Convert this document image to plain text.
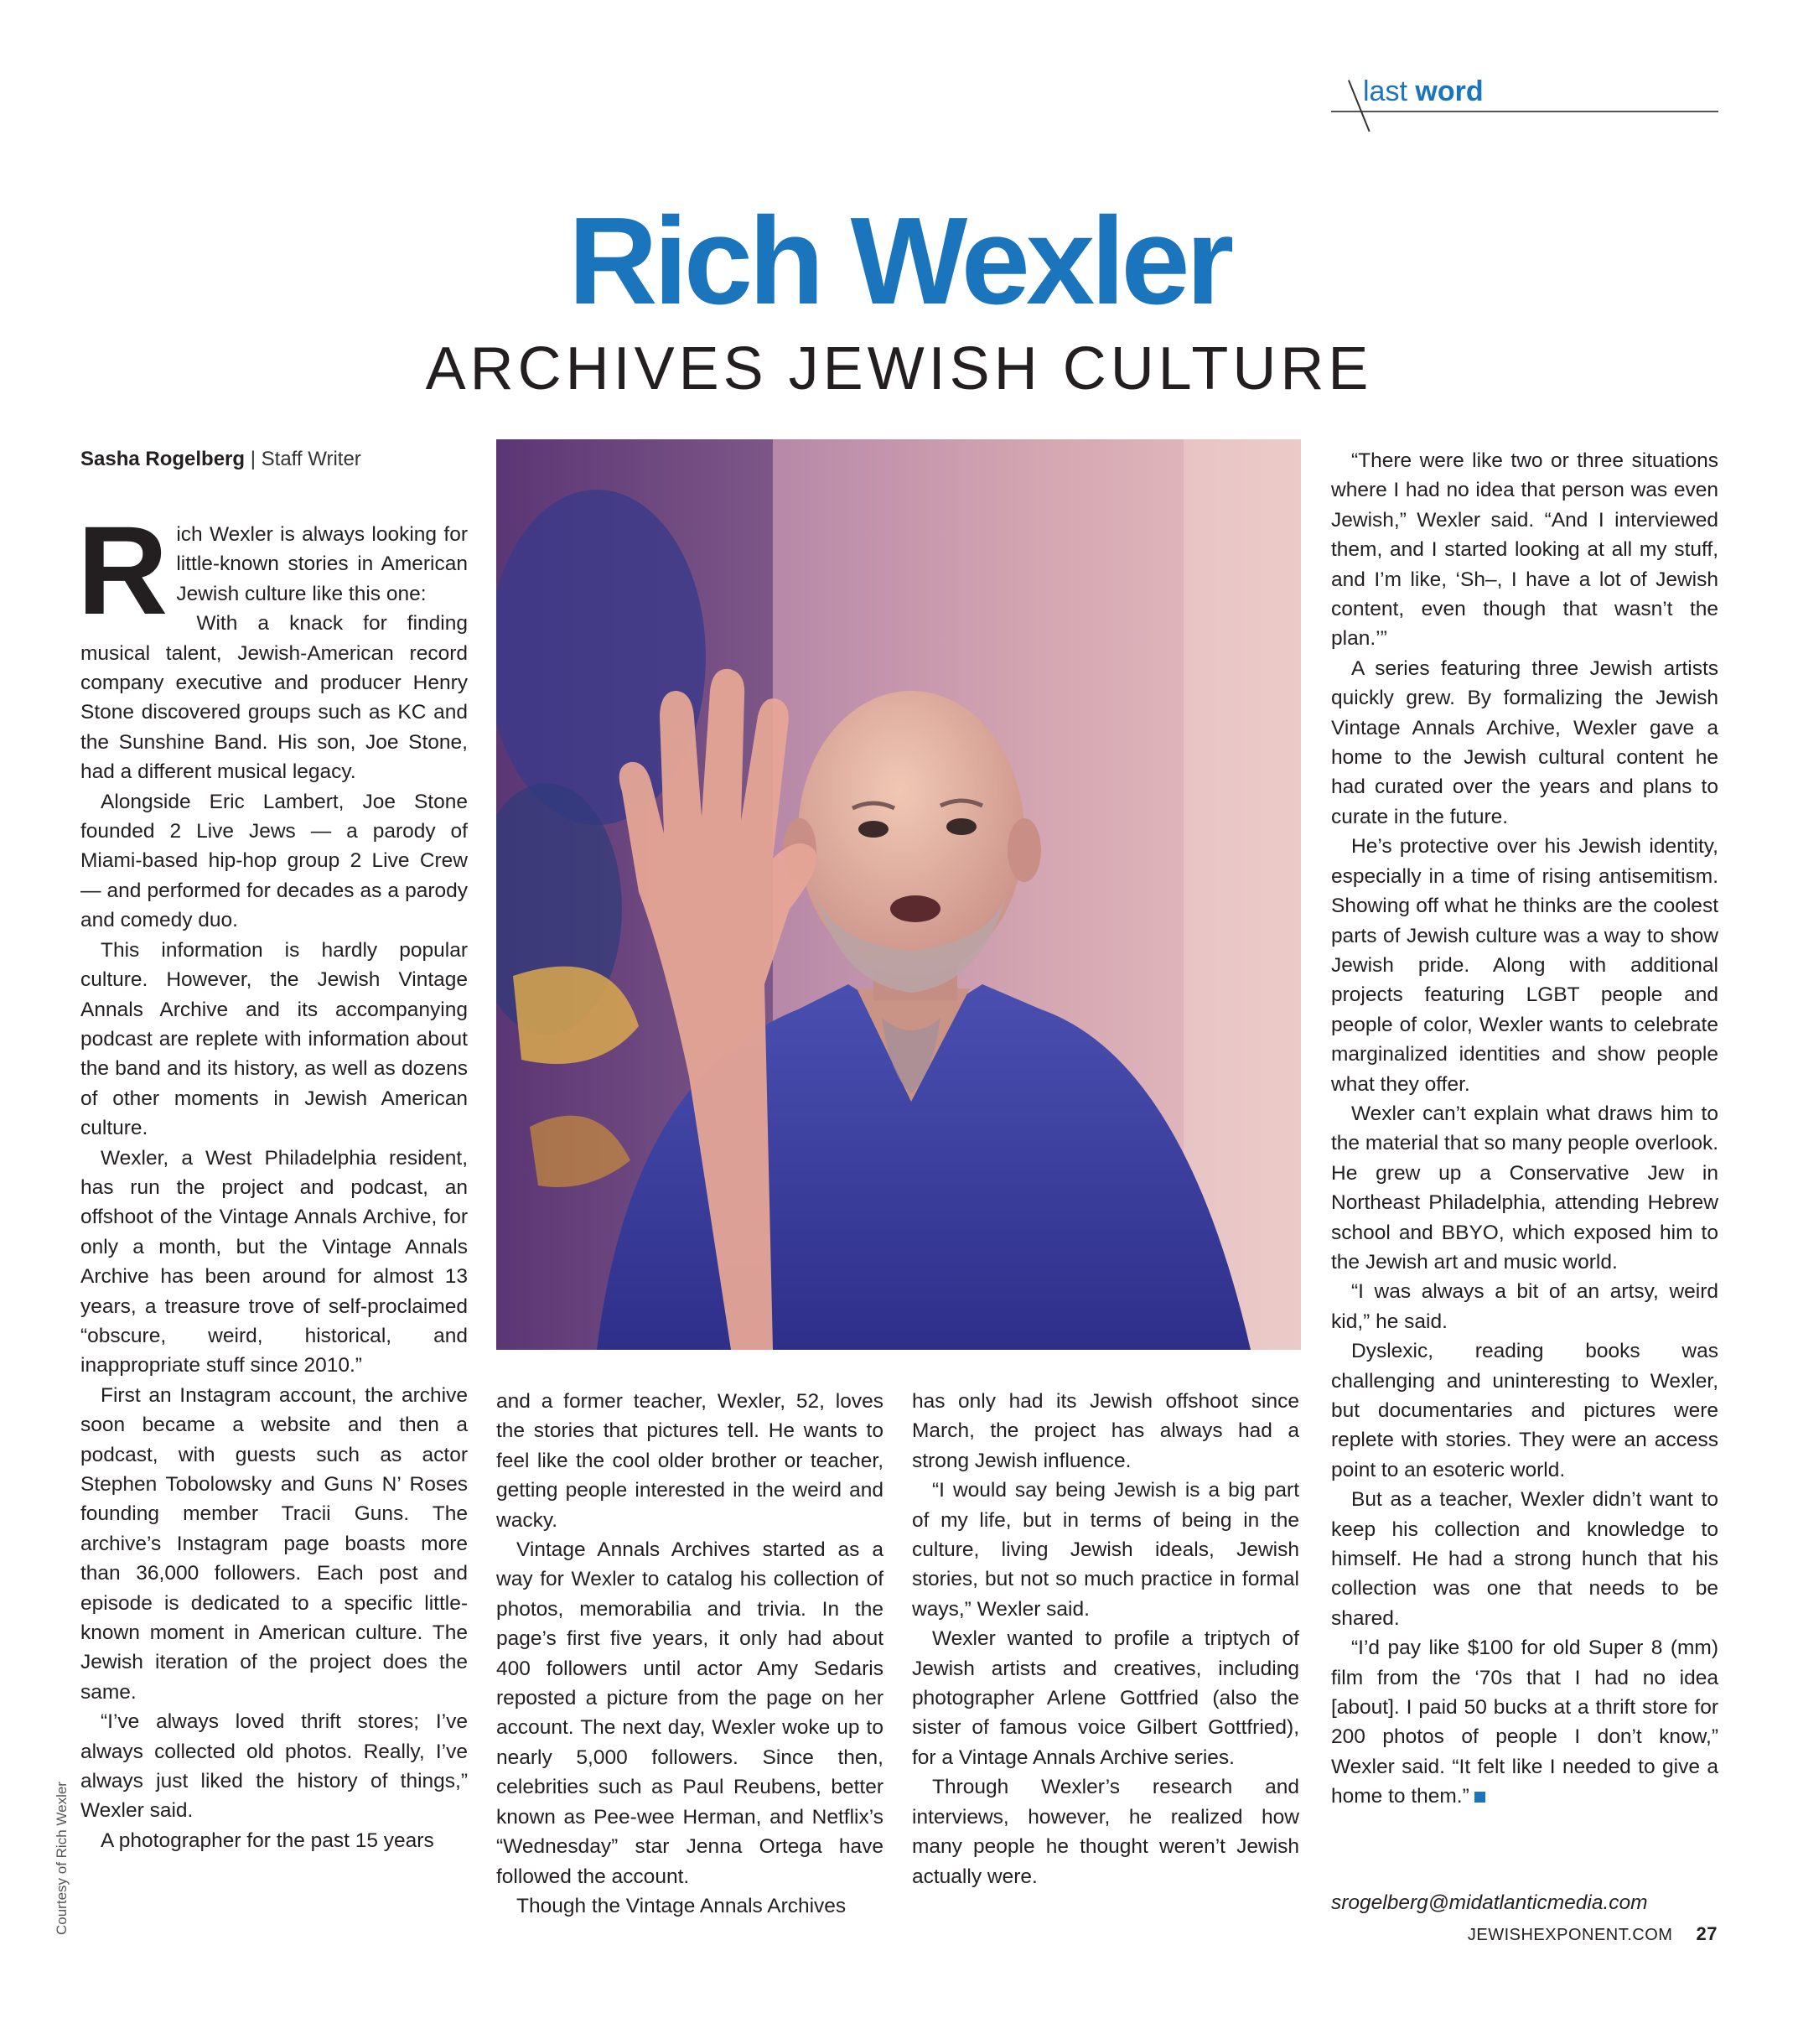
last word
Rich Wexler
ARCHIVES JEWISH CULTURE
Sasha Rogelberg | Staff Writer

Rich Wexler is always looking for little-known stories in American Jewish culture like this one:

With a knack for finding musical talent, Jewish-American record company executive and producer Henry Stone discovered groups such as KC and the Sunshine Band. His son, Joe Stone, had a different musical legacy.

Alongside Eric Lambert, Joe Stone founded 2 Live Jews — a parody of Miami-based hip-hop group 2 Live Crew — and performed for decades as a parody and comedy duo.

This information is hardly popular culture. However, the Jewish Vintage Annals Archive and its accompanying podcast are replete with information about the band and its history, as well as dozens of other moments in Jewish American culture.

Wexler, a West Philadelphia resident, has run the project and podcast, an offshoot of the Vintage Annals Archive, for only a month, but the Vintage Annals Archive has been around for almost 13 years, a treasure trove of self-proclaimed “obscure, weird, historical, and inappropriate stuff since 2010.”

First an Instagram account, the archive soon became a website and then a podcast, with guests such as actor Stephen Tobolowsky and Guns N’ Roses founding member Tracii Guns. The archive’s Instagram page boasts more than 36,000 followers. Each post and episode is dedicated to a specific little-known moment in American culture. The Jewish iteration of the project does the same.

“I’ve always loved thrift stores; I’ve always collected old photos. Really, I’ve always just liked the history of things,” Wexler said.

A photographer for the past 15 years

Courtesy of Rich Wexler

and a former teacher, Wexler, 52, loves the stories that pictures tell. He wants to feel like the cool older brother or teacher, getting people interested in the weird and wacky.

Vintage Annals Archives started as a way for Wexler to catalog his collection of photos, memorabilia and trivia. In the page’s first five years, it only had about 400 followers until actor Amy Sedaris reposted a picture from the page on her account. The next day, Wexler woke up to nearly 5,000 followers. Since then, celebrities such as Paul Reubens, better known as Pee-wee Herman, and Netflix’s “Wednesday” star Jenna Ortega have followed the account.

Though the Vintage Annals Archives

has only had its Jewish offshoot since March, the project has always had a strong Jewish influence.

“I would say being Jewish is a big part of my life, but in terms of being in the culture, living Jewish ideals, Jewish stories, but not so much practice in formal ways,” Wexler said.

Wexler wanted to profile a triptych of Jewish artists and creatives, including photographer Arlene Gottfried (also the sister of famous voice Gilbert Gottfried), for a Vintage Annals Archive series.

Through Wexler’s research and interviews, however, he realized how many people he thought weren’t Jewish actually were.

“There were like two or three situations where I had no idea that person was even Jewish,” Wexler said. “And I interviewed them, and I started looking at all my stuff, and I’m like, ‘Sh–, I have a lot of Jewish content, even though that wasn’t the plan.’”

A series featuring three Jewish artists quickly grew. By formalizing the Jewish Vintage Annals Archive, Wexler gave a home to the Jewish cultural content he had curated over the years and plans to curate in the future.

He’s protective over his Jewish identity, especially in a time of rising antisemitism. Showing off what he thinks are the coolest parts of Jewish culture was a way to show Jewish pride. Along with additional projects featuring LGBT people and people of color, Wexler wants to celebrate marginalized identities and show people what they offer.

Wexler can’t explain what draws him to the material that so many people overlook. He grew up a Conservative Jew in Northeast Philadelphia, attending Hebrew school and BBYO, which exposed him to the Jewish art and music world.

“I was always a bit of an artsy, weird kid,” he said.

Dyslexic, reading books was challenging and uninteresting to Wexler, but documentaries and pictures were replete with stories. They were an access point to an esoteric world.

But as a teacher, Wexler didn’t want to keep his collection and knowledge to himself. He had a strong hunch that his collection was one that needs to be shared.

“I’d pay like $100 for old Super 8 (mm) film from the ‘70s that I had no idea [about]. I paid 50 bucks at a thrift store for 200 photos of people I don’t know,” Wexler said. “It felt like I needed to give a home to them.”

srogelberg@midatlanticmedia.com
JEWISHEXPONENT.COM 27
